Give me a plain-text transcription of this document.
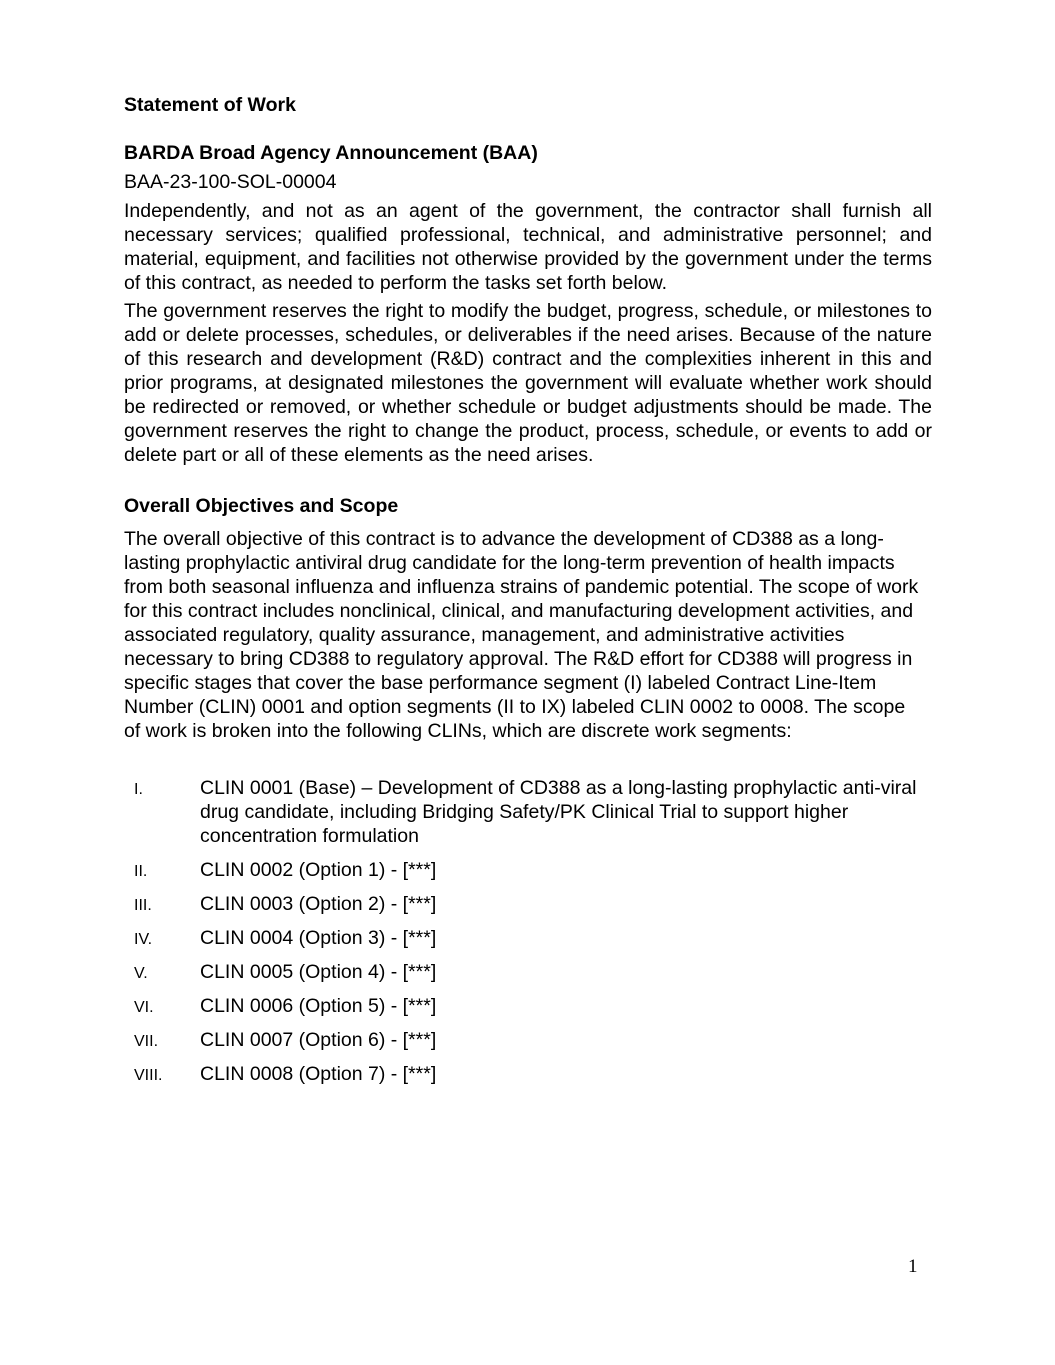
Statement of Work

BARDA Broad Agency Announcement (BAA)

BAA-23-100-SOL-00004

Independently, and not as an agent of the government, the contractor shall furnish all necessary services; qualified professional, technical, and administrative personnel; and material, equipment, and facilities not otherwise provided by the government under the terms of this contract, as needed to perform the tasks set forth below.

The government reserves the right to modify the budget, progress, schedule, or milestones to add or delete processes, schedules, or deliverables if the need arises. Because of the nature of this research and development (R&D) contract and the complexities inherent in this and prior programs, at designated milestones the government will evaluate whether work should be redirected or removed, or whether schedule or budget adjustments should be made. The government reserves the right to change the product, process, schedule, or events to add or delete part or all of these elements as the need arises.

Overall Objectives and Scope

The overall objective of this contract is to advance the development of CD388 as a long-lasting prophylactic antiviral drug candidate for the long-term prevention of health impacts from both seasonal influenza and influenza strains of pandemic potential. The scope of work for this contract includes nonclinical, clinical, and manufacturing development activities, and associated regulatory, quality assurance, management, and administrative activities necessary to bring CD388 to regulatory approval. The R&D effort for CD388 will progress in specific stages that cover the base performance segment (I) labeled Contract Line-Item Number (CLIN) 0001 and option segments (II to IX) labeled CLIN 0002 to 0008. The scope of work is broken into the following CLINs, which are discrete work segments:

I.	CLIN 0001 (Base) – Development of CD388 as a long-lasting prophylactic anti-viral drug candidate, including Bridging Safety/PK Clinical Trial to support higher concentration formulation
II.	CLIN 0002 (Option 1) - [***]
III. CLIN 0003 (Option 2) - [***]
IV. CLIN 0004 (Option 3) - [***]
V.	CLIN 0005 (Option 4) - [***]
VI. CLIN 0006 (Option 5) - [***]
VII. CLIN 0007 (Option 6) - [***]
VIII. CLIN 0008 (Option 7) - [***]
1
